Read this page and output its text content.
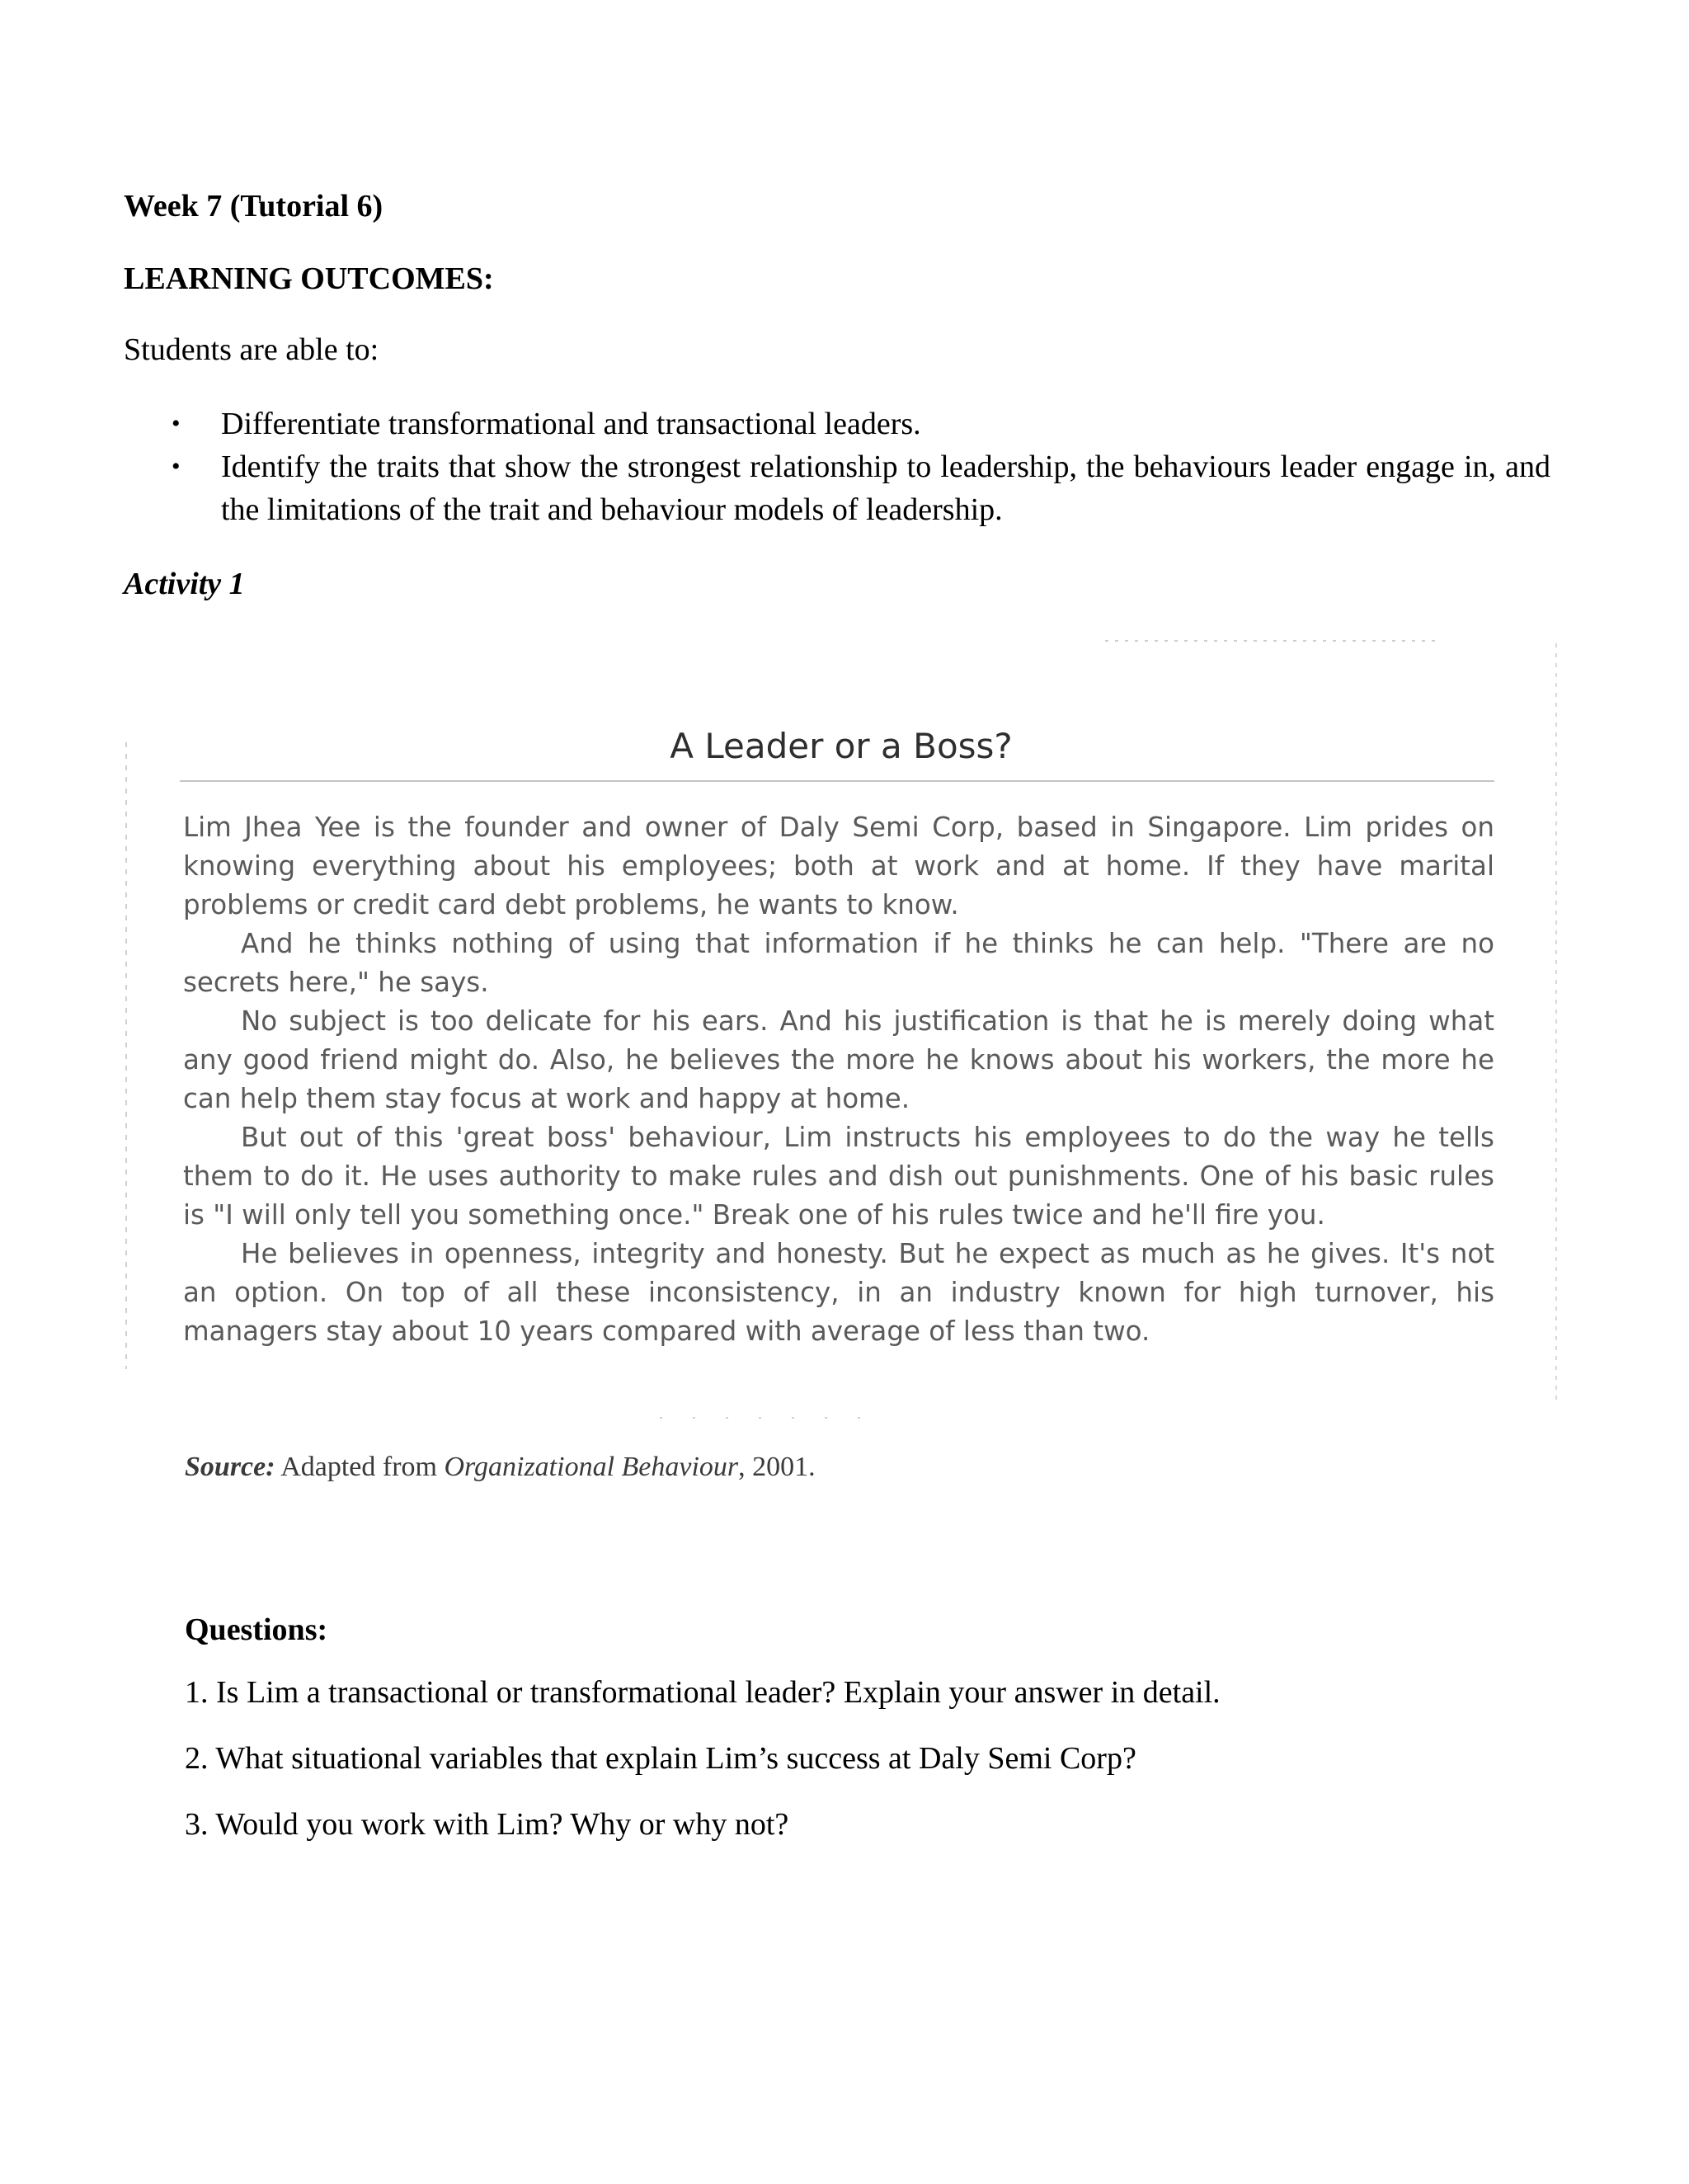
Week 7 (Tutorial 6)
LEARNING OUTCOMES:
Students are able to:
• Differentiate transformational and transactional leaders.
• Identify the traits that show the strongest relationship to leadership, the behaviours leader engage in, and the limitations of the trait and behaviour models of leadership.
Activity 1
A Leader or a Boss?

Lim Jhea Yee is the founder and owner of Daly Semi Corp, based in Singapore. Lim prides on knowing everything about his employees; both at work and at home. If they have marital problems or credit card debt problems, he wants to know.

And he thinks nothing of using that information if he thinks he can help. "There are no secrets here," he says.

No subject is too delicate for his ears. And his justification is that he is merely doing what any good friend might do. Also, he believes the more he knows about his workers, the more he can help them stay focus at work and happy at home.

But out of this 'great boss' behaviour, Lim instructs his employees to do the way he tells them to do it. He uses authority to make rules and dish out punishments. One of his basic rules is "I will only tell you something once." Break one of his rules twice and he'll fire you.

He believes in openness, integrity and honesty. But he expect as much as he gives. It's not an option. On top of all these inconsistency, in an industry known for high turnover, his managers stay about 10 years compared with average of less than two.

Source: Adapted from Organizational Behaviour, 2001.
Questions:
1. Is Lim a transactional or transformational leader? Explain your answer in detail.
2. What situational variables that explain Lim’s success at Daly Semi Corp?
3. Would you work with Lim? Why or why not?
